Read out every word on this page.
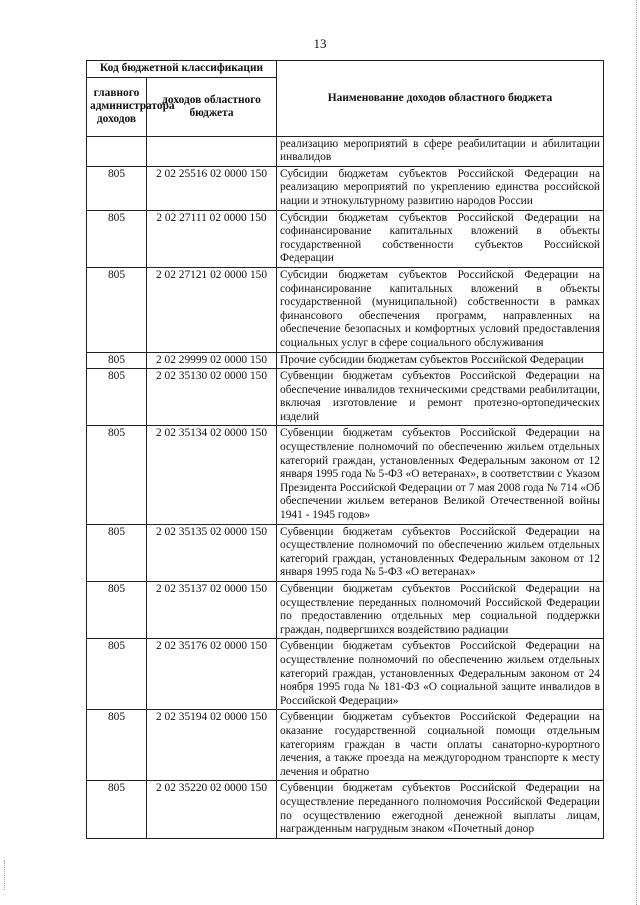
13
Код бюджетной классификации		Наименование доходов областного бюджета
главного администратора доходов	доходов областного бюджета	
		реализацию мероприятий в сфере реабилитации и абилитации инвалидов
805	2 02 25516 02 0000 150	Субсидии бюджетам субъектов Российской Федерации на реализацию мероприятий по укреплению единства российской нации и этнокультурному развитию народов России
805	2 02 27111 02 0000 150	Субсидии бюджетам субъектов Российской Федерации на софинансирование капитальных вложений в объекты государственной собственности субъектов Российской Федерации
805	2 02 27121 02 0000 150	Субсидии бюджетам субъектов Российской Федерации на софинансирование капитальных вложений в объекты государственной (муниципальной) собственности в рамках финансового обеспечения программ, направленных на обеспечение безопасных и комфортных условий предоставления социальных услуг в сфере социального обслуживания
805	2 02 29999 02 0000 150	Прочие субсидии бюджетам субъектов Российской Федерации
805	2 02 35130 02 0000 150	Субвенции бюджетам субъектов Российской Федерации на обеспечение инвалидов техническими средствами реабилитации, включая изготовление и ремонт протезно-ортопедических изделий
805	2 02 35134 02 0000 150	Субвенции бюджетам субъектов Российской Федерации на осуществление полномочий по обеспечению жильем отдельных категорий граждан, установленных Федеральным законом от 12 января 1995 года № 5-ФЗ «О ветеранах», в соответствии с Указом Президента Российской Федерации от 7 мая 2008 года № 714 «Об обеспечении жильем ветеранов Великой Отечественной войны 1941 - 1945 годов»
805	2 02 35135 02 0000 150	Субвенции бюджетам субъектов Российской Федерации на осуществление полномочий по обеспечению жильем отдельных категорий граждан, установленных Федеральным законом от 12 января 1995 года № 5-ФЗ «О ветеранах»
805	2 02 35137 02 0000 150	Субвенции бюджетам субъектов Российской Федерации на осуществление переданных полномочий Российской Федерации по предоставлению отдельных мер социальной поддержки граждан, подвергшихся воздействию радиации
805	2 02 35176 02 0000 150	Субвенции бюджетам субъектов Российской Федерации на осуществление полномочий по обеспечению жильем отдельных категорий граждан, установленных Федеральным законом от 24 ноября 1995 года № 181-ФЗ «О социальной защите инвалидов в Российской Федерации»
805	2 02 35194 02 0000 150	Субвенции бюджетам субъектов Российской Федерации на оказание государственной социальной помощи отдельным категориям граждан в части оплаты санаторно-курортного лечения, а также проезда на междугородном транспорте к месту лечения и обратно
805	2 02 35220 02 0000 150	Субвенции бюджетам субъектов Российской Федерации на осуществление переданного полномочия Российской Федерации по осуществлению ежегодной денежной выплаты лицам, награжденным нагрудным знаком «Почетный донор
